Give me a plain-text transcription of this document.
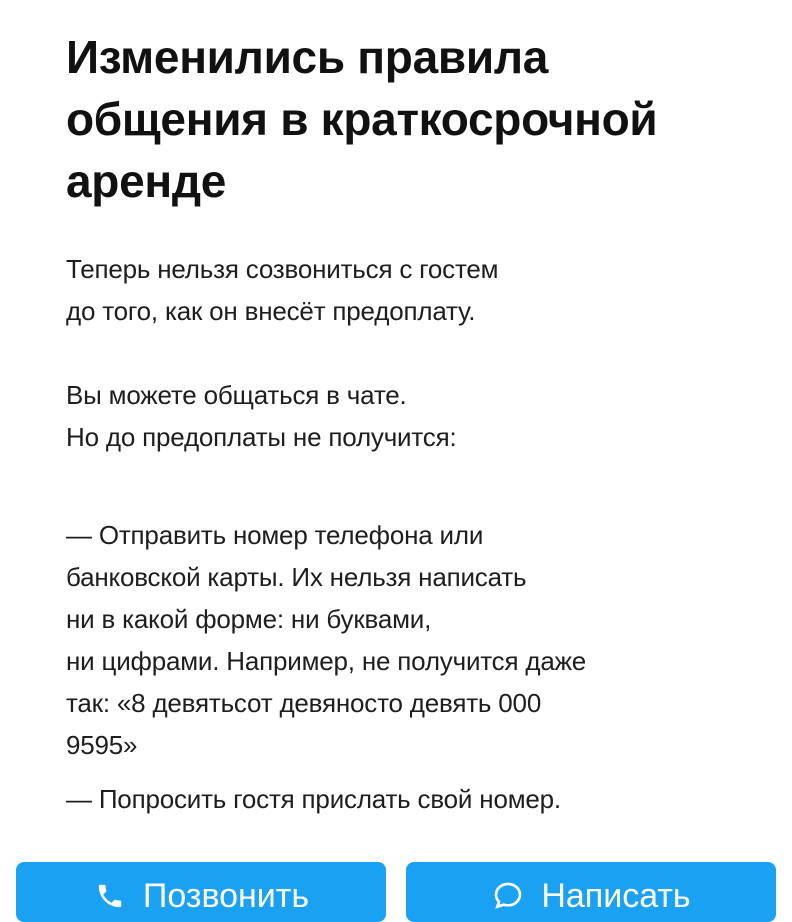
Изменились правила
общения в краткосрочной
аренде

Теперь нельзя созвониться с гостем
до того, как он внесёт предоплату.

Вы можете общаться в чате.
Но до предоплаты не получится:

— Отправить номер телефона или
банковской карты. Их нельзя написать
ни в какой форме: ни буквами,
ни цифрами. Например, не получится даже
так: «8 девятьсот девяносто девять 000
9595»

— Попросить гостя прислать свой номер.

Позвонить	Написать
